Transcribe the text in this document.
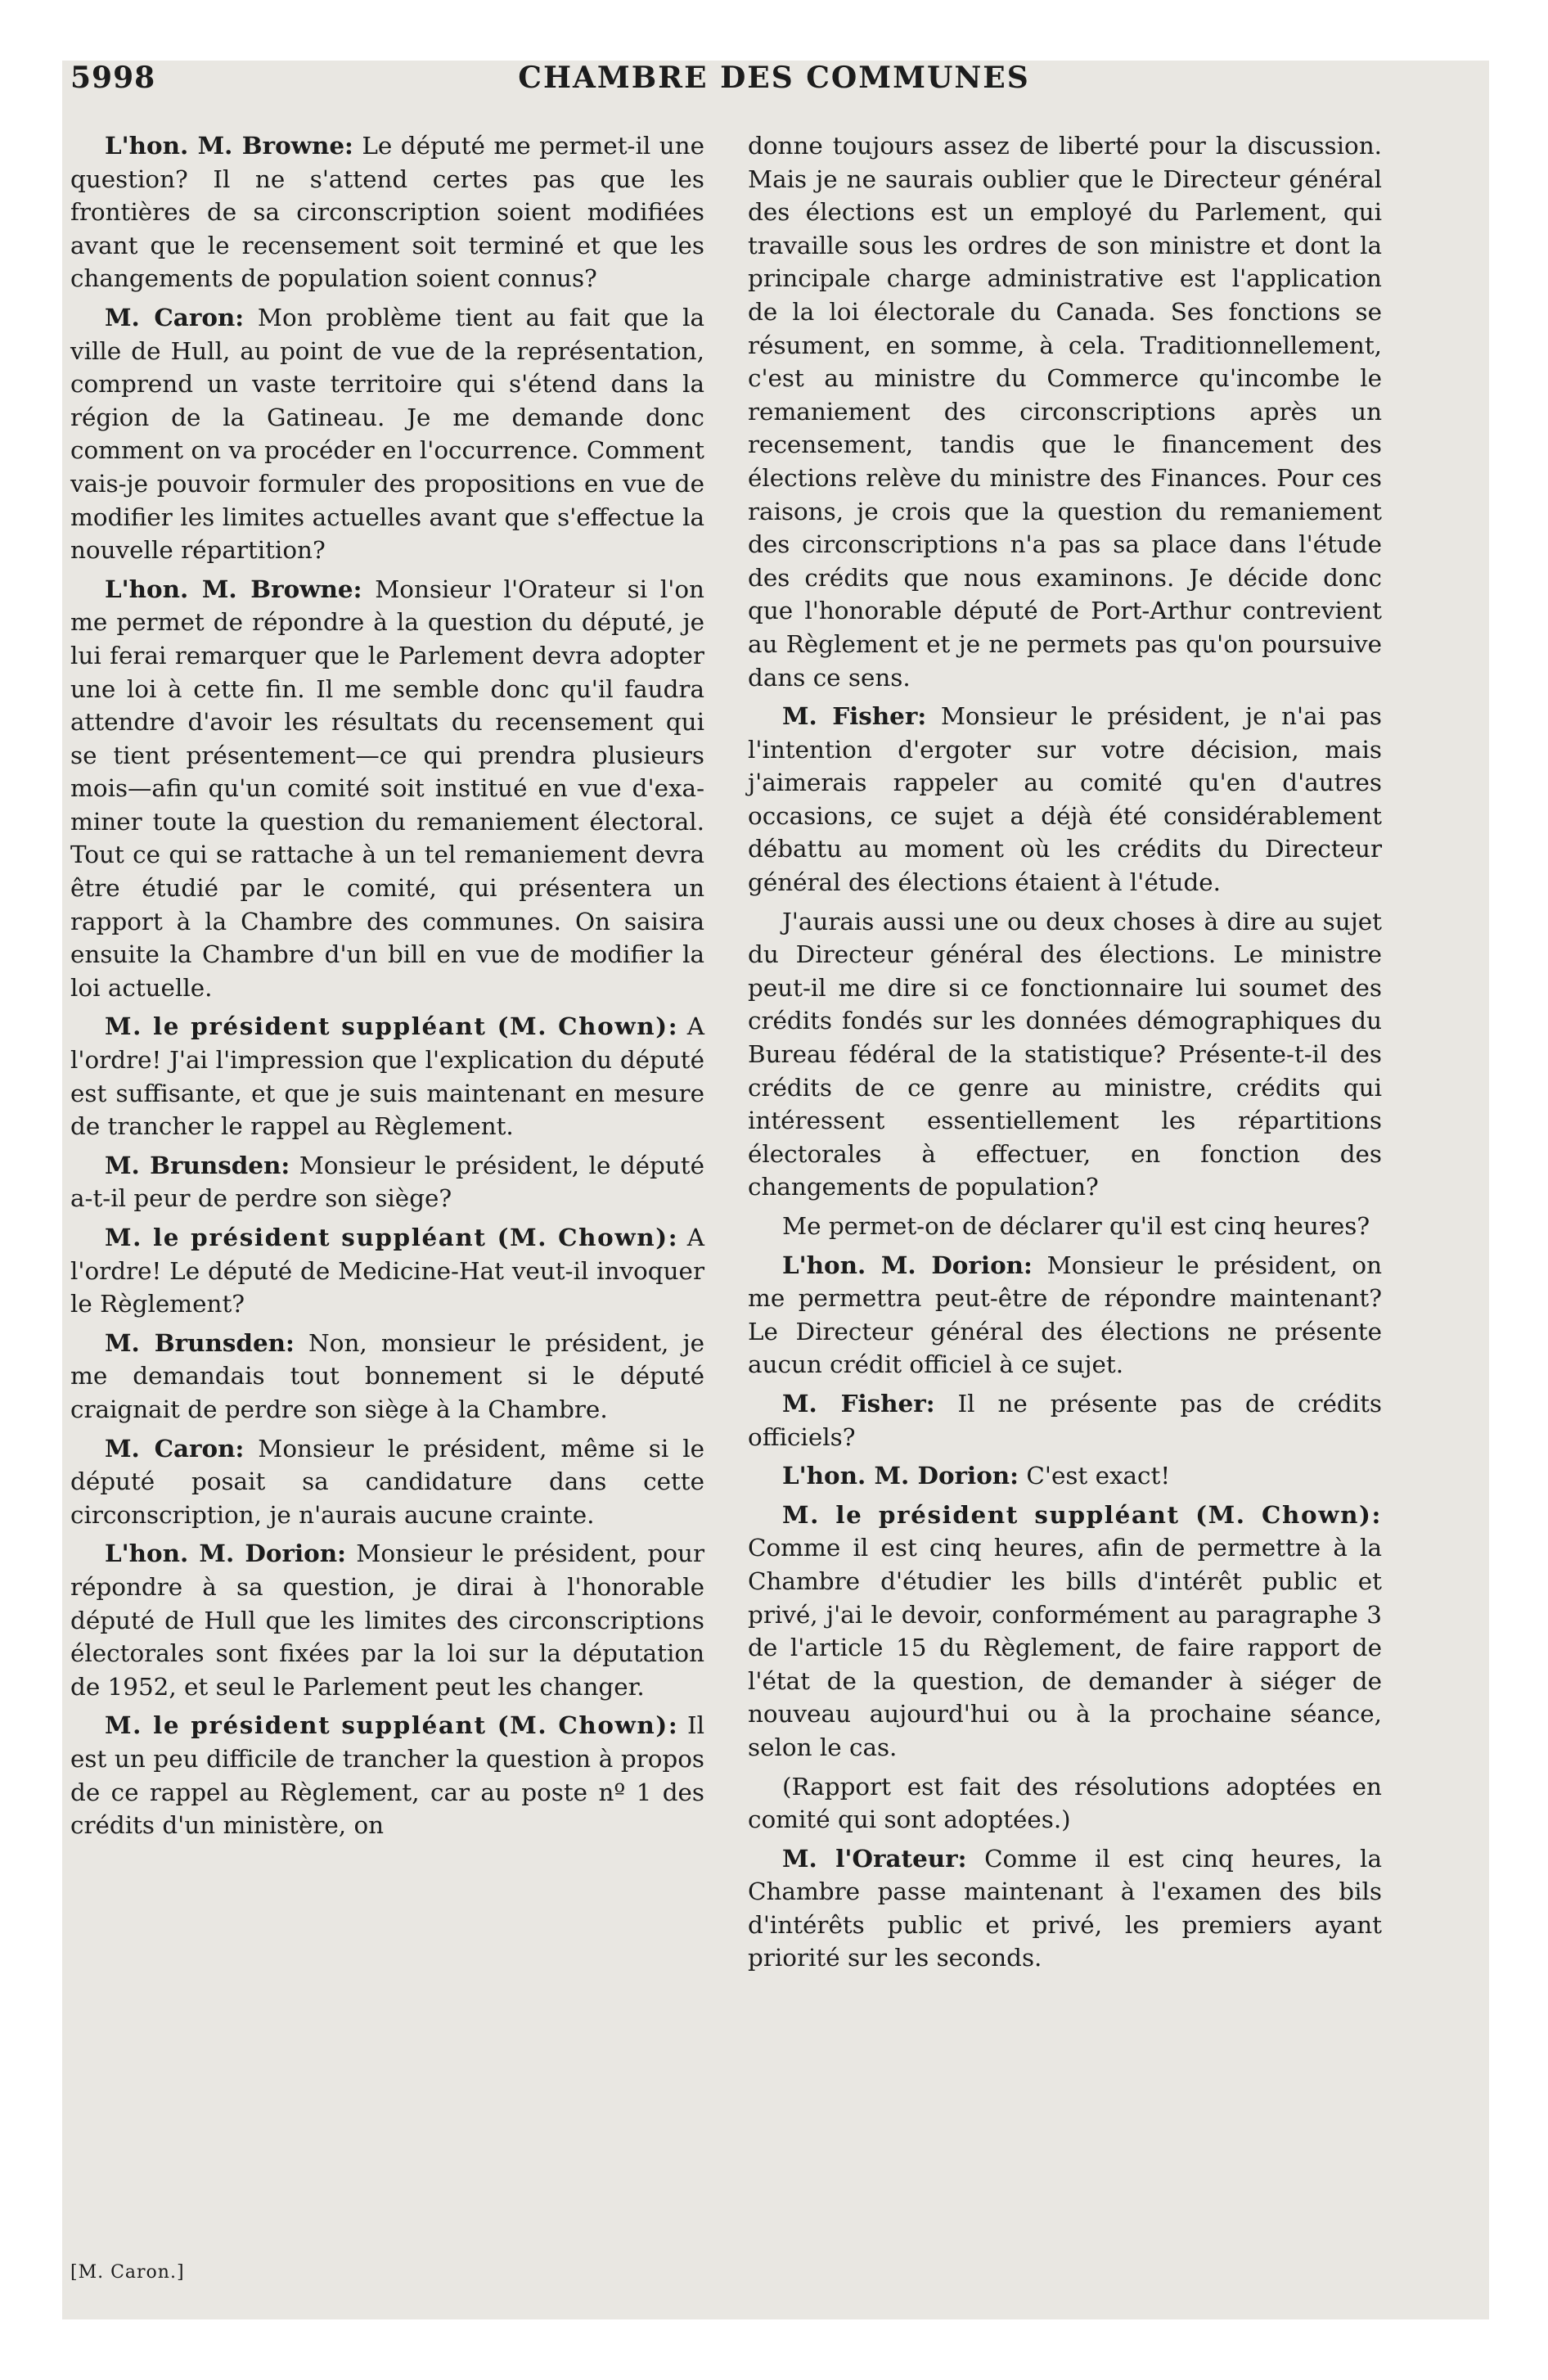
5998	CHAMBRE DES COMMUNES

L'hon. M. Browne: Le député me permet-il une question? Il ne s'attend certes pas que les frontières de sa circonscription soient modifiées avant que le recensement soit terminé et que les changements de population soient connus?

M. Caron: Mon problème tient au fait que la ville de Hull, au point de vue de la représentation, comprend un vaste territoire qui s'étend dans la région de la Gatineau. Je me demande donc comment on va procéder en l'occurrence. Comment vais-je pouvoir formuler des propositions en vue de modifier les limites actuelles avant que s'effectue la nouvelle répartition?

L'hon. M. Browne: Monsieur l'Orateur si l'on me permet de répondre à la question du député, je lui ferai remarquer que le Parlement devra adopter une loi à cette fin. Il me semble donc qu'il faudra attendre d'avoir les résultats du recensement qui se tient présentement—ce qui prendra plusieurs mois—afin qu'un comité soit institué en vue d'examiner toute la question du remaniement électoral. Tout ce qui se rattache à un tel remaniement devra être étudié par le comité, qui présentera un rapport à la Chambre des communes. On saisira ensuite la Chambre d'un bill en vue de modifier la loi actuelle.

M. le président suppléant (M. Chown): A l'ordre! J'ai l'impression que l'explication du député est suffisante, et que je suis maintenant en mesure de trancher le rappel au Règlement.

M. Brunsden: Monsieur le président, le député a-t-il peur de perdre son siège?

M. le président suppléant (M. Chown): A l'ordre! Le député de Medicine-Hat veut-il invoquer le Règlement?

M. Brunsden: Non, monsieur le président, je me demandais tout bonnement si le député craignait de perdre son siège à la Chambre.

M. Caron: Monsieur le président, même si le député posait sa candidature dans cette circonscription, je n'aurais aucune crainte.

L'hon. M. Dorion: Monsieur le président, pour répondre à sa question, je dirai à l'honorable député de Hull que les limites des circonscriptions électorales sont fixées par la loi sur la députation de 1952, et seul le Parlement peut les changer.

M. le président suppléant (M. Chown): Il est un peu difficile de trancher la question à propos de ce rappel au Règlement, car au poste nº 1 des crédits d'un ministère, on

donne toujours assez de liberté pour la discussion. Mais je ne saurais oublier que le Directeur général des élections est un employé du Parlement, qui travaille sous les ordres de son ministre et dont la principale charge administrative est l'application de la loi électorale du Canada. Ses fonctions se résument, en somme, à cela. Traditionnellement, c'est au ministre du Commerce qu'incombe le remaniement des circonscriptions après un recensement, tandis que le financement des élections relève du ministre des Finances. Pour ces raisons, je crois que la question du remaniement des circonscriptions n'a pas sa place dans l'étude des crédits que nous examinons. Je décide donc que l'honorable député de Port-Arthur contrevient au Règlement et je ne permets pas qu'on poursuive dans ce sens.

M. Fisher: Monsieur le président, je n'ai pas l'intention d'ergoter sur votre décision, mais j'aimerais rappeler au comité qu'en d'autres occasions, ce sujet a déjà été considérablement débattu au moment où les crédits du Directeur général des élections étaient à l'étude.

J'aurais aussi une ou deux choses à dire au sujet du Directeur général des élections. Le ministre peut-il me dire si ce fonctionnaire lui soumet des crédits fondés sur les données démographiques du Bureau fédéral de la statistique? Présente-t-il des crédits de ce genre au ministre, crédits qui intéressent essentiellement les répartitions électorales à effectuer, en fonction des changements de population?

Me permet-on de déclarer qu'il est cinq heures?

L'hon. M. Dorion: Monsieur le président, on me permettra peut-être de répondre maintenant? Le Directeur général des élections ne présente aucun crédit officiel à ce sujet.

M. Fisher: Il ne présente pas de crédits officiels?

L'hon. M. Dorion: C'est exact!

M. le président suppléant (M. Chown): Comme il est cinq heures, afin de permettre à la Chambre d'étudier les bills d'intérêt public et privé, j'ai le devoir, conformément au paragraphe 3 de l'article 15 du Règlement, de faire rapport de l'état de la question, de demander à siéger de nouveau aujourd'hui ou à la prochaine séance, selon le cas.

(Rapport est fait des résolutions adoptées en comité qui sont adoptées.)

M. l'Orateur: Comme il est cinq heures, la Chambre passe maintenant à l'examen des bils d'intérêts public et privé, les premiers ayant priorité sur les seconds.

[M. Caron.]
